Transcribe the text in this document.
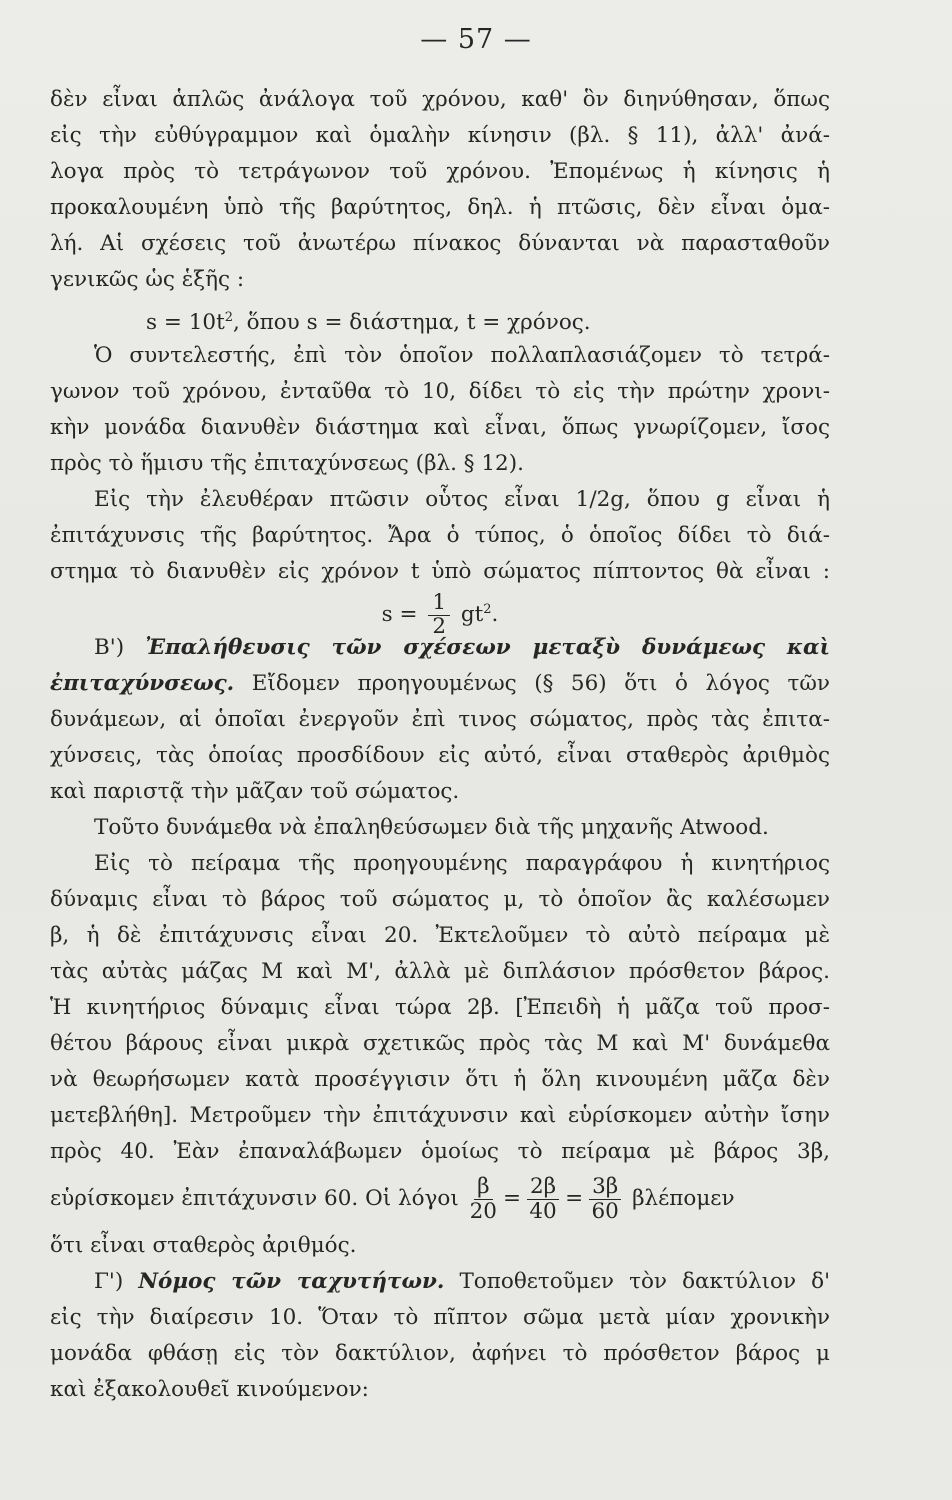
— 57 —
δὲν εἶναι ἁπλῶς ἀνάλογα τοῦ χρόνου, καθ' ὃν διηνύθησαν, ὅπως
εἰς τὴν εὐθύγραμμον καὶ ὁμαλὴν κίνησιν (βλ. § 11), ἀλλ' ἀνά-
λογα πρὸς τὸ τετράγωνον τοῦ χρόνου. Ἐπομένως ἡ κίνησις ἡ
προκαλουμένη ὑπὸ τῆς βαρύτητος, δηλ. ἡ πτῶσις, δὲν εἶναι ὁμα-
λή. Αἱ σχέσεις τοῦ ἀνωτέρω πίνακος δύνανται νὰ παρασταθοῦν
γενικῶς ὡς ἑξῆς :
$s = 10t^2$, ὅπου s = διάστημα, t = χρόνος.
Ὁ συντελεστής, ἐπὶ τὸν ὁποῖον πολλαπλασιάζομεν τὸ τετρά-
γωνον τοῦ χρόνου, ἐνταῦθα τὸ 10, δίδει τὸ εἰς τὴν πρώτην χρονι-
κὴν μονάδα διανυθὲν διάστημα καὶ εἶναι, ὅπως γνωρίζομεν, ἴσος
πρὸς τὸ ἥμισυ τῆς ἐπιταχύνσεως (βλ. § 12).
Εἰς τὴν ἐλευθέραν πτῶσιν οὗτος εἶναι 1/2g, ὅπου g εἶναι ἡ
ἐπιτάχυνσις τῆς βαρύτητος. Ἄρα ὁ τύπος, ὁ ὁποῖος δίδει τὸ διά-
στημα τὸ διανυθὲν εἰς χρόνον t ὑπὸ σώματος πίπτοντος θὰ εἶναι :
$s = \frac{1}{2} gt^2$.
Β') Ἐπαλήθευσις τῶν σχέσεων μεταξὺ δυνάμεως καὶ
ἐπιταχύνσεως. Εἴδομεν προηγουμένως (§ 56) ὅτι ὁ λόγος τῶν
δυνάμεων, αἱ ὁποῖαι ἐνεργοῦν ἐπὶ τινος σώματος, πρὸς τὰς ἐπιτα-
χύνσεις, τὰς ὁποίας προσδίδουν εἰς αὐτό, εἶναι σταθερὸς ἀριθμὸς
καὶ παριστᾷ τὴν μᾶζαν τοῦ σώματος.
Τοῦτο δυνάμεθα νὰ ἐπαληθεύσωμεν διὰ τῆς μηχανῆς Atwood.
Εἰς τὸ πείραμα τῆς προηγουμένης παραγράφου ἡ κινητήριος
δύναμις εἶναι τὸ βάρος τοῦ σώματος μ, τὸ ὁποῖον ἂς καλέσωμεν
β, ἡ δὲ ἐπιτάχυνσις εἶναι 20. Ἐκτελοῦμεν τὸ αὐτὸ πείραμα μὲ
τὰς αὐτὰς μάζας Μ καὶ Μ', ἀλλὰ μὲ διπλάσιον πρόσθετον βάρος.
Ἡ κινητήριος δύναμις εἶναι τώρα 2β. [Ἐπειδὴ ἡ μᾶζα τοῦ προσ-
θέτου βάρους εἶναι μικρὰ σχετικῶς πρὸς τὰς Μ καὶ Μ' δυνάμεθα
νὰ θεωρήσωμεν κατὰ προσέγγισιν ὅτι ἡ ὅλη κινουμένη μᾶζα δὲν
μετεβλήθη]. Μετροῦμεν τὴν ἐπιτάχυνσιν καὶ εὑρίσκομεν αὐτὴν ἴσην
πρὸς 40. Ἐὰν ἐπαναλάβωμεν ὁμοίως τὸ πείραμα μὲ βάρος 3β,
εὑρίσκομεν ἐπιτάχυνσιν 60. Οἱ λόγοι $\frac{\beta}{20} = \frac{2\beta}{40} = \frac{3\beta}{60}$ βλέπομεν
ὅτι εἶναι σταθερὸς ἀριθμός.
Γ') Νόμος τῶν ταχυτήτων. Τοποθετοῦμεν τὸν δακτύλιον δ'
εἰς τὴν διαίρεσιν 10. Ὅταν τὸ πῖπτον σῶμα μετὰ μίαν χρονικὴν
μονάδα φθάσῃ εἰς τὸν δακτύλιον, ἀφήνει τὸ πρόσθετον βάρος μ
καὶ ἐξακολουθεῖ κινούμενον:
